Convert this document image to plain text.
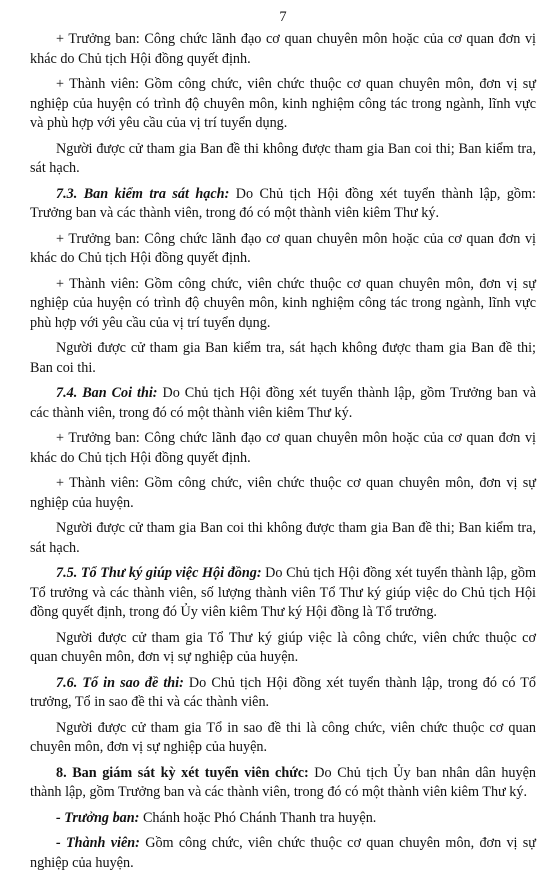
7

+ Trưởng ban: Công chức lãnh đạo cơ quan chuyên môn hoặc của cơ quan đơn vị khác do Chủ tịch Hội đồng quyết định.

+ Thành viên: Gồm công chức, viên chức thuộc cơ quan chuyên môn, đơn vị sự nghiệp của huyện có trình độ chuyên môn, kinh nghiệm công tác trong ngành, lĩnh vực và phù hợp với yêu cầu của vị trí tuyển dụng.

Người được cử tham gia Ban đề thi không được tham gia Ban coi thi; Ban kiểm tra, sát hạch.

7.3. Ban kiểm tra sát hạch: Do Chủ tịch Hội đồng xét tuyển thành lập, gồm: Trưởng ban và các thành viên, trong đó có một thành viên kiêm Thư ký.

+ Trưởng ban: Công chức lãnh đạo cơ quan chuyên môn hoặc của cơ quan đơn vị khác do Chủ tịch Hội đồng quyết định.

+ Thành viên: Gồm công chức, viên chức thuộc cơ quan chuyên môn, đơn vị sự nghiệp của huyện có trình độ chuyên môn, kinh nghiệm công tác trong ngành, lĩnh vực phù hợp với yêu cầu của vị trí tuyển dụng.

Người được cử tham gia Ban kiểm tra, sát hạch không được tham gia Ban đề thi; Ban coi thi.

7.4. Ban Coi thi: Do Chủ tịch Hội đồng xét tuyển thành lập, gồm Trưởng ban và các thành viên, trong đó có một thành viên kiêm Thư ký.

+ Trưởng ban: Công chức lãnh đạo cơ quan chuyên môn hoặc của cơ quan đơn vị khác do Chủ tịch Hội đồng quyết định.

+ Thành viên: Gồm công chức, viên chức thuộc cơ quan chuyên môn, đơn vị sự nghiệp của huyện.

Người được cử tham gia Ban coi thi không được tham gia Ban đề thi; Ban kiểm tra, sát hạch.

7.5. Tổ Thư ký giúp việc Hội đồng: Do Chủ tịch Hội đồng xét tuyển thành lập, gồm Tổ trưởng và các thành viên, số lượng thành viên Tổ Thư ký giúp việc do Chủ tịch Hội đồng quyết định, trong đó Ủy viên kiêm Thư ký Hội đồng là Tổ trưởng.

Người được cử tham gia Tổ Thư ký giúp việc là công chức, viên chức thuộc cơ quan chuyên môn, đơn vị sự nghiệp của huyện.

7.6. Tổ in sao đề thi: Do Chủ tịch Hội đồng xét tuyển thành lập, trong đó có Tổ trưởng, Tổ in sao đề thi và các thành viên.

Người được cử tham gia Tổ in sao đề thi là công chức, viên chức thuộc cơ quan chuyên môn, đơn vị sự nghiệp của huyện.

8. Ban giám sát kỳ xét tuyển viên chức: Do Chủ tịch Ủy ban nhân dân huyện thành lập, gồm Trưởng ban và các thành viên, trong đó có một thành viên kiêm Thư ký.

- Trưởng ban: Chánh hoặc Phó Chánh Thanh tra huyện.

- Thành viên: Gồm công chức, viên chức thuộc cơ quan chuyên môn, đơn vị sự nghiệp của huyện.
